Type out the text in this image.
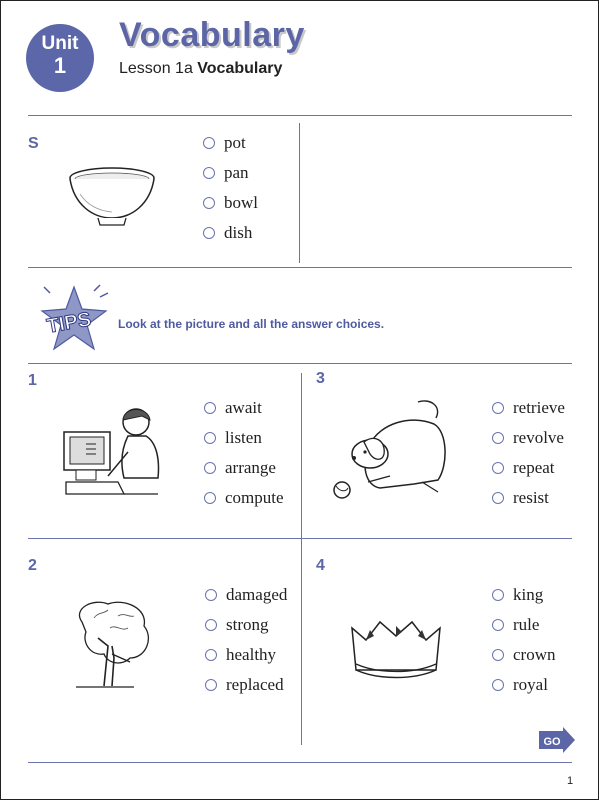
Unit
1
Vocabulary
Lesson 1a Vocabulary
S	pot
pan
bowl
dish
TIPS Look at the picture and all the answer choices.
1
await
listen
arrange
compute
3
retrieve
revolve
repeat
resist
2
damaged
strong
healthy
replaced
4
king
rule
crown
royal
GO
1
